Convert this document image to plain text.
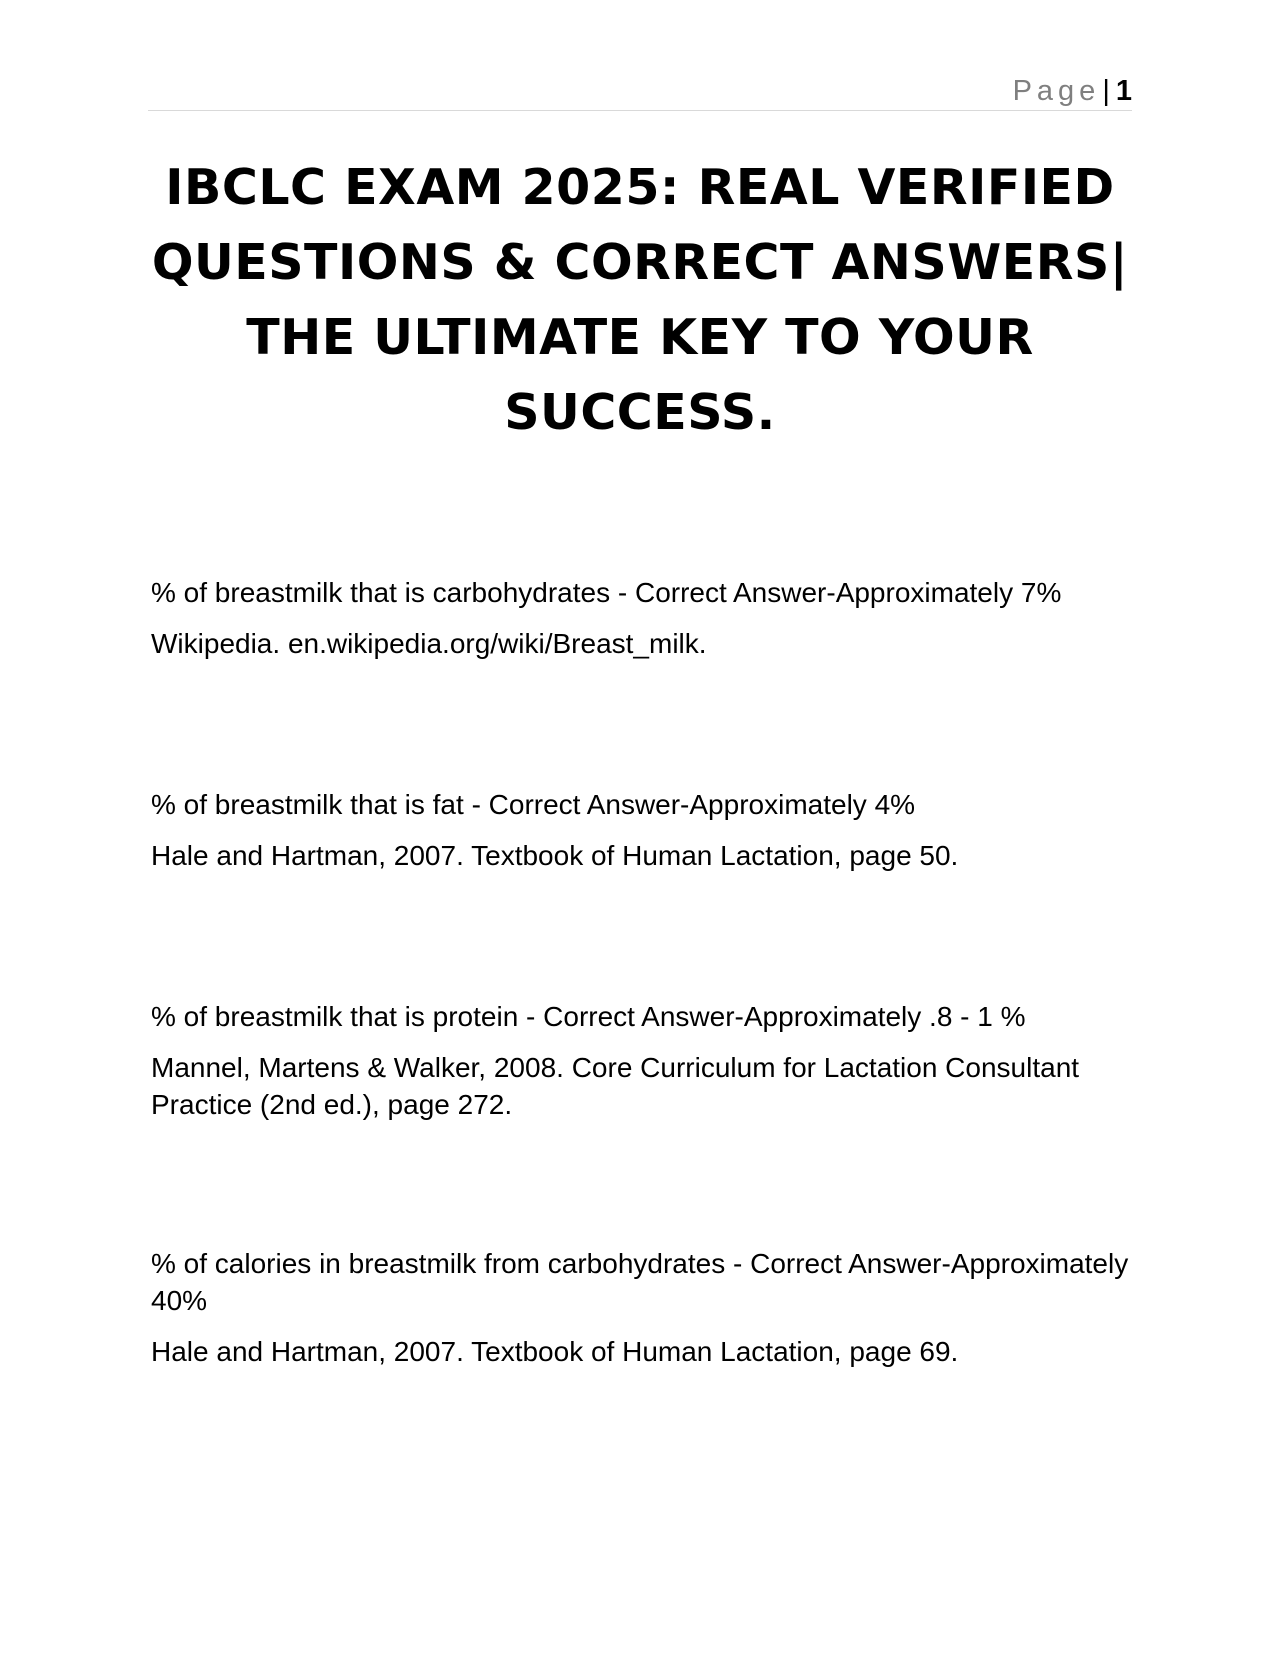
Page| 1
IBCLC EXAM 2025: REAL VERIFIED QUESTIONS & CORRECT ANSWERS| THE ULTIMATE KEY TO YOUR SUCCESS.

% of breastmilk that is carbohydrates - Correct Answer-Approximately 7%

Wikipedia. en.wikipedia.org/wiki/Breast_milk.

% of breastmilk that is fat - Correct Answer-Approximately 4%

Hale and Hartman, 2007. Textbook of Human Lactation, page 50.

% of breastmilk that is protein - Correct Answer-Approximately .8 - 1 %

Mannel, Martens & Walker, 2008. Core Curriculum for Lactation Consultant Practice (2nd ed.), page 272.

% of calories in breastmilk from carbohydrates - Correct Answer-Approximately 40%

Hale and Hartman, 2007. Textbook of Human Lactation, page 69.
